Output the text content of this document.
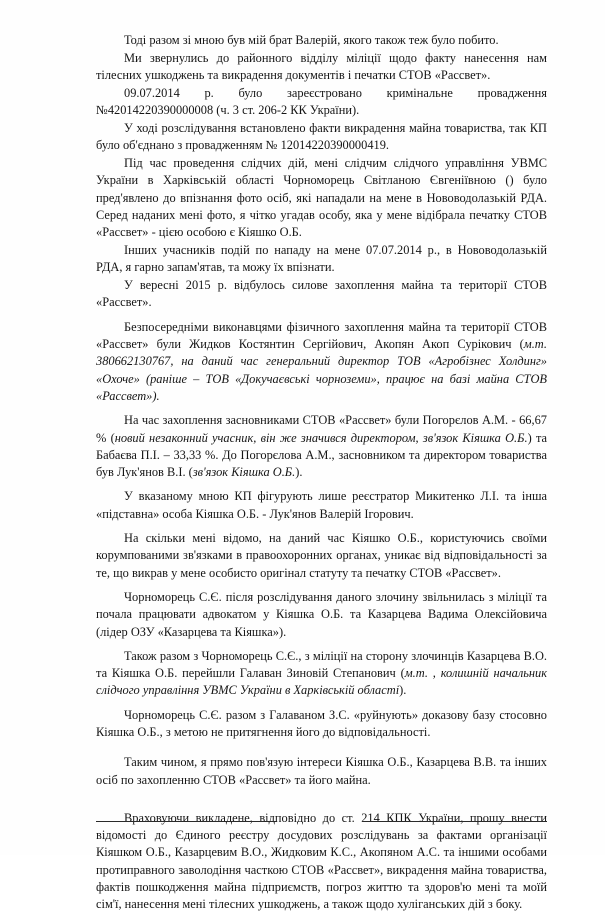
Тоді разом зі мною був мій брат Валерій, якого також теж було побито.

Ми звернулись до районного відділу міліції щодо факту нанесення нам тілесних ушкоджень та викрадення документів і печатки СТОВ «Рассвет».

09.07.2014 р. було зареєстровано кримінальне провадження №42014220390000008 (ч. 3 ст. 206-2 КК України).

У ході розслідування встановлено факти викрадення майна товариства, так КП було об'єднано з провадженням № 12014220390000419.

Під час проведення слідчих дій, мені слідчим слідчого управління УВМС України в Харківській області Чорноморець Світланою Євгеніївною () було пред'явлено до впізнання фото осіб, які нападали на мене в Нововодолазькій РДА. Серед наданих мені фото, я чітко угадав особу, яка у мене відібрала печатку СТОВ «Рассвет» - цією особою є Кіяшко О.Б.

Інших учасників подій по нападу на мене 07.07.2014 р., в Нововодолазькій РДА, я гарно запам'ятав, та можу їх впізнати.

У вересні 2015 р. відбулось силове захоплення майна та території СТОВ «Рассвет».

Безпосередніми виконавцями фізичного захоплення майна та території СТОВ «Рассвет» були Жидков Костянтин Сергійович, Акопян Акоп Сурікович (м.т. 380662130767, на даний час генеральний директор ТОВ «Агробізнес Холдинг» «Охоче» (раніше – ТОВ «Докучаєвські чорноземи», працює на базі майна СТОВ «Рассвет»).

На час захоплення засновниками СТОВ «Рассвет» були Погорєлов А.М. - 66,67 % (новий незаконний учасник, він же значився директором, зв'язок Кіяшка О.Б.) та Бабаєва П.І. – 33,33 %. До Погорєлова А.М., засновником та директором товариства був Лук'янов В.І. (зв'язок Кіяшка О.Б.).

У вказаному мною КП фігурують лише реєстратор Микитенко Л.І. та інша «підставна» особа Кіяшка О.Б. - Лук'янов Валерій Ігорович.

На скільки мені відомо, на даний час Кіяшко О.Б., користуючись своїми корумпованими зв'язками в правоохоронних органах, уникає від відповідальності за те, що викрав у мене особисто оригінал статуту та печатку СТОВ «Рассвет».

Чорноморець С.Є. після розслідування даного злочину звільнилась з міліції та почала працювати адвокатом у Кіяшка О.Б. та Казарцева Вадима Олексійовича (лідер ОЗУ «Казарцева та Кіяшка»).

Також разом з Чорноморець С.Є., з міліції на сторону злочинців Казарцева В.О. та Кіяшка О.Б. перейшли Галаван Зиновій Степанович (м.т. , колишній начальник слідчого управління УВМС України в Харківській області).

Чорноморець С.Є. разом з Галаваном З.С. «руйнують» доказову базу стосовно Кіяшка О.Б., з метою не притягнення його до відповідальності.

Таким чином, я прямо пов'язую інтереси Кіяшка О.Б., Казарцева В.В. та інших осіб по захопленню СТОВ «Рассвет» та його майна.

Враховуючи викладене, відповідно до ст. 214 КПК України, прошу внести відомості до Єдиного реєстру досудових розслідувань за фактами організації Кіяшком О.Б., Казарцевим В.О., Жидковим К.С., Акопяном А.С. та іншими особами протиправного заволодіння часткою СТОВ «Рассвет», викрадення майна товариства, фактів пошкодження майна підприємств, погроз життю та здоров'ю мені та моїй сім'ї, нанесення мені тілесних ушкоджень, а також щодо хуліганських дій з боку.
